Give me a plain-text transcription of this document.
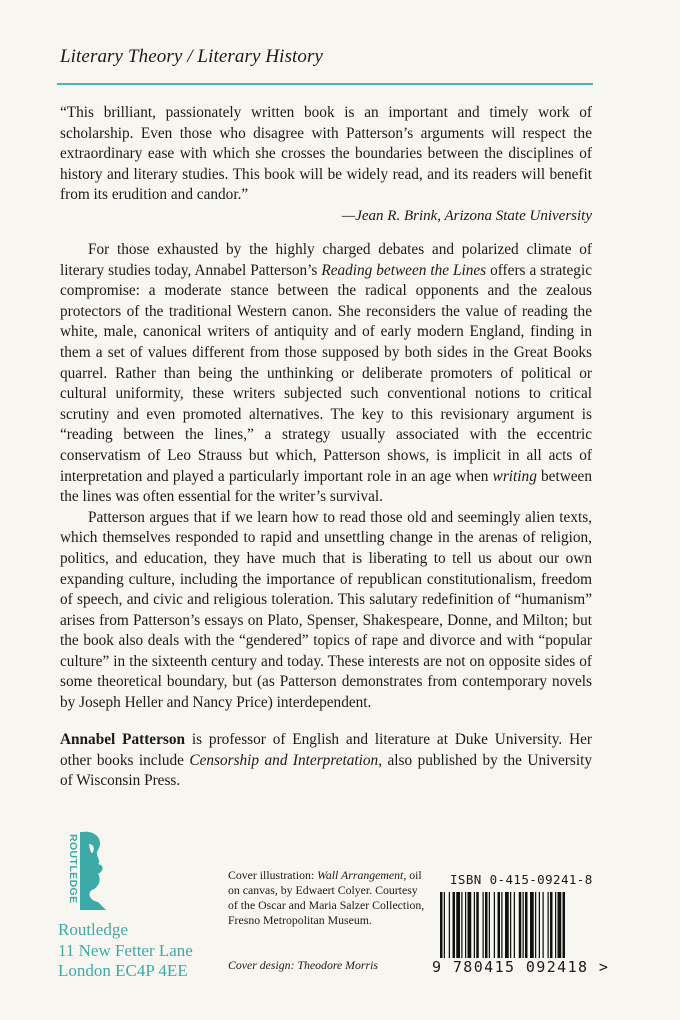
Literary Theory / Literary History
“This brilliant, passionately written book is an important and timely work of scholarship. Even those who disagree with Patterson’s arguments will respect the extraordinary ease with which she crosses the boundaries between the disciplines of history and literary studies. This book will be widely read, and its readers will benefit from its erudition and candor.”
—Jean R. Brink, Arizona State University

For those exhausted by the highly charged debates and polarized climate of literary studies today, Annabel Patterson’s Reading between the Lines offers a strategic compromise: a moderate stance between the radical opponents and the zealous protectors of the traditional Western canon. She reconsiders the value of reading the white, male, canonical writers of antiquity and of early modern England, finding in them a set of values different from those supposed by both sides in the Great Books quarrel. Rather than being the unthinking or deliberate promoters of political or cultural uniformity, these writers subjected such conventional notions to critical scrutiny and even promoted alternatives. The key to this revisionary argument is “reading between the lines,” a strategy usually associated with the eccentric conservatism of Leo Strauss but which, Patterson shows, is implicit in all acts of interpretation and played a particularly important role in an age when writing between the lines was often essential for the writer’s survival.

Patterson argues that if we learn how to read those old and seemingly alien texts, which themselves responded to rapid and unsettling change in the arenas of religion, politics, and education, they have much that is liberating to tell us about our own expanding culture, including the importance of republican constitutionalism, freedom of speech, and civic and religious toleration. This salutary redefinition of “humanism” arises from Patterson’s essays on Plato, Spenser, Shakespeare, Donne, and Milton; but the book also deals with the “gendered” topics of rape and divorce and with “popular culture” in the sixteenth century and today. These interests are not on opposite sides of some theoretical boundary, but (as Patterson demonstrates from contemporary novels by Joseph Heller and Nancy Price) interdependent.

Annabel Patterson is professor of English and literature at Duke University. Her other books include Censorship and Interpretation, also published by the University of Wisconsin Press.
ROUTLEDGE
Routledge
11 New Fetter Lane
London EC4P 4EE
Cover illustration: Wall Arrangement, oil on canvas, by Edwaert Colyer. Courtesy of the Oscar and Maria Salzer Collection, Fresno Metropolitan Museum.
Cover design: Theodore Morris
ISBN 0-415-09241-8
9 780415 092418 >
